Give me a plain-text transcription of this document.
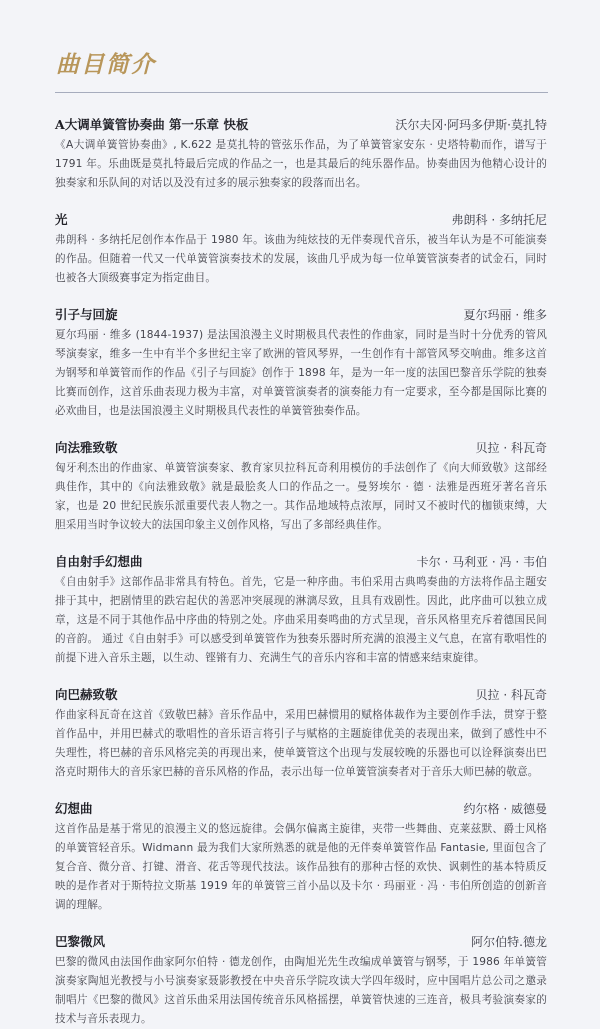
曲目简介
A大调单簧管协奏曲 第一乐章 快板	沃尔夫冈·阿玛多伊斯·莫扎特

《A大调单簧管协奏曲》, K.622 是莫扎特的管弦乐作品，为了单簧管家安东 · 史塔特勒而作，谱写于 1791 年。乐曲既是莫扎特最后完成的作品之一，也是其最后的纯乐器作品。协奏曲因为他精心设计的独奏家和乐队间的对话以及没有过多的展示独奏家的段落而出名。

光	弗朗科 · 多纳托尼

弗朗科 · 多纳托尼创作本作品于 1980 年。该曲为纯炫技的无伴奏现代音乐，被当年认为是不可能演奏的作品。但随着一代又一代单簧管演奏技术的发展，该曲几乎成为每一位单簧管演奏者的试金石，同时也被各大顶级赛事定为指定曲目。

引子与回旋	夏尔玛丽 · 维多

夏尔玛丽 · 维多 (1844-1937) 是法国浪漫主义时期极具代表性的作曲家，同时是当时十分优秀的管风琴演奏家，维多一生中有半个多世纪主宰了欧洲的管风琴界，一生创作有十部管风琴交响曲。维多这首为钢琴和单簧管而作的作品《引子与回旋》创作于 1898 年，是为一年一度的法国巴黎音乐学院的独奏比赛而创作，这首乐曲表现力极为丰富，对单簧管演奏者的演奏能力有一定要求，至今都是国际比赛的必欢曲目，也是法国浪漫主义时期极具代表性的单簧管独奏作品。

向法雅致敬	贝拉 · 科瓦奇

匈牙利杰出的作曲家、单簧管演奏家、教育家贝拉科瓦奇利用模仿的手法创作了《向大师致敬》这部经典佳作，其中的《向法雅致敬》就是最脍炙人口的作品之一。曼努埃尔 · 德 · 法雅是西班牙著名音乐家，也是 20 世纪民族乐派重要代表人物之一。其作品地域特点浓厚，同时又不被时代的枷锁束缚，大胆采用当时争议较大的法国印象主义创作风格，写出了多部经典佳作。

自由射手幻想曲	卡尔 · 马利亚 · 冯 · 韦伯

《自由射手》这部作品非常具有特色。首先，它是一种序曲。韦伯采用古典鸣奏曲的方法将作品主题安排于其中，把剧情里的跌宕起伏的善恶冲突展现的淋漓尽致，且具有戏剧性。因此，此序曲可以独立成章，这是不同于其他作品中序曲的特别之处。序曲采用奏鸣曲的方式呈现，音乐风格里充斥着德国民间的音韵。 通过《自由射手》可以感受到单簧管作为独奏乐器时所充满的浪漫主义气息，在富有歌唱性的前提下进入音乐主题，以生动、铿锵有力、充满生气的音乐内容和丰富的情感来结束旋律。

向巴赫致敬	贝拉 · 科瓦奇

作曲家科瓦奇在这首《致敬巴赫》音乐作品中，采用巴赫惯用的赋格体裁作为主要创作手法，贯穿于整首作品中，并用巴赫式的歌唱性的音乐语言将引子与赋格的主题旋律优美的表现出来，做到了感性中不失理性，将巴赫的音乐风格完美的再现出来，使单簧管这个出现与发展较晚的乐器也可以诠释演奏出巴洛克时期伟大的音乐家巴赫的音乐风格的作品，表示出每一位单簧管演奏者对于音乐大师巴赫的敬意。

幻想曲	约尔格 · 威德曼

这首作品是基于常见的浪漫主义的悠远旋律。会偶尔偏离主旋律，夹带一些舞曲、克莱兹默、爵士风格的单簧管轻音乐。Widmann 最为我们大家所熟悉的就是他的无伴奏单簧管作品 Fantasie, 里面包含了复合音、微分音、打键、滑音、花舌等现代技法。该作品独有的那种古怪的欢快、讽刺性的基本特质反映的是作者对于斯特拉文斯基 1919 年的单簧管三首小品以及卡尔 · 玛丽亚 · 冯 · 韦伯所创造的创新音调的理解。

巴黎微风	阿尔伯特.德龙

巴黎的微风由法国作曲家阿尔伯特 · 德龙创作，由陶旭光先生改编成单簧管与钢琴，于 1986 年单簧管演奏家陶旭光教授与小号演奏家聂影教授在中央音乐学院攻读大学四年级时，应中国唱片总公司之邀录制唱片《巴黎的微风》这首乐曲采用法国传统音乐风格摇摆，单簧管快速的三连音，极具考验演奏家的技术与音乐表现力。
